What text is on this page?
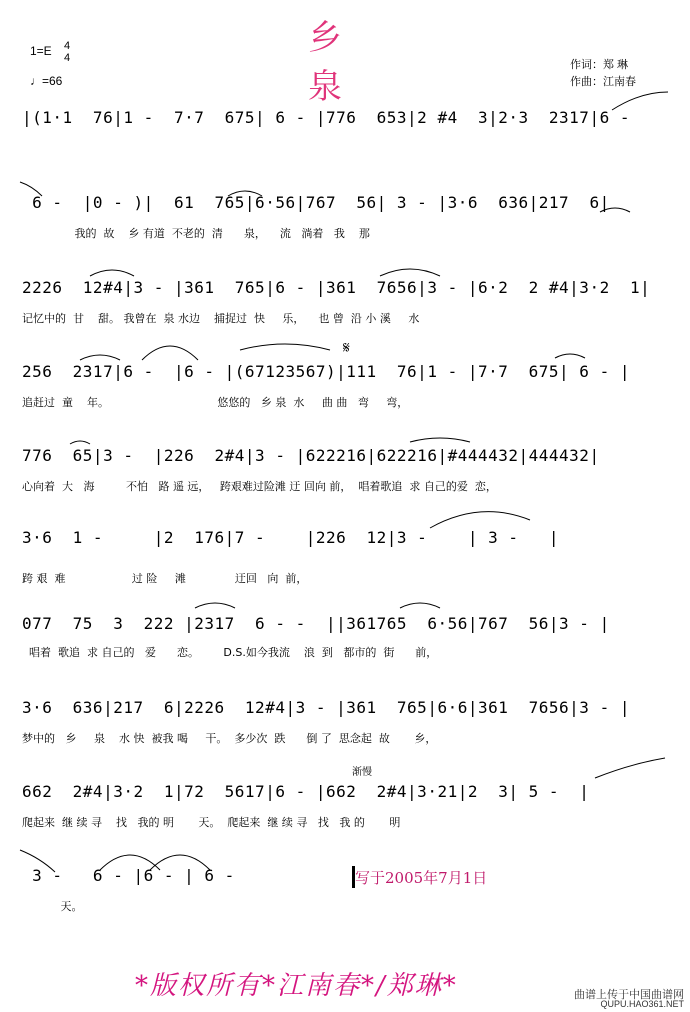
乡 泉
1=E 4
4
♩=66
作词：郑 琳
作曲：江南春
|(1·1  76|1 -  7·7  675| 6 - |776  653|2 #4  3|2·3  2317|6 -
6 -  |0 - )|  61  765|6·56|767  56| 3 - |3·6  636|217  6|
我的  故    乡 有道  不老的  清      泉，    流   淌着   我    那
2226  12#4|3 - |361  765|6 - |361  7656|3 - |6·2  2 #4|3·2  1|
记忆中的  甘    甜。 我曾在  泉 水边    捕捉过  快     乐，    也 曾  沿 小 溪     水
256  2317|6 -  |6 - |(67123567)|111  76|1 - |7·7  675| 6 - |
追赶过  童    年。                               悠悠的   乡 泉  水     曲 曲   弯     弯，
776  65|3 -  |226  2#4|3 - |622216|622216|#444432|444432|
心向着  大   海         不怕   路 遥 远，   跨艰难过险滩 迂 回向 前，  唱着歌追  求 自己的爱  恋，
3·6  1 -     |2  176|7 -    |226  12|3 -    | 3 -   |
跨 艰  难                   过 险     滩              迂回   向  前，
077  75  3  222 |2317  6 - -  ||361765  6·56|767  56|3 - |
唱着  歌追  求 自己的   爱      恋。       D.S.如今我流    浪  到   都市的  街      前，
3·6  636|217  6|2226  12#4|3 - |361  765|6·6|361  7656|3 - |
梦中的   乡     泉    水 快  被我 喝     干。  多少次  跌      倒 了  思念起  故       乡，
662  2#4|3·2  1|72  5617|6 - |662  2#4|3·21|2  3| 5 -  |
爬起来  继 续 寻    找   我的 明       天。  爬起来  继 续 寻   找   我 的       明
3 -   6 - |6 - | 6 -
天。
𝄋
渐慢
写于2005年7月1日
*版权所有*江南春*/郑琳*	曲谱上传于中国曲谱网
QUPU.HAO361.NET
